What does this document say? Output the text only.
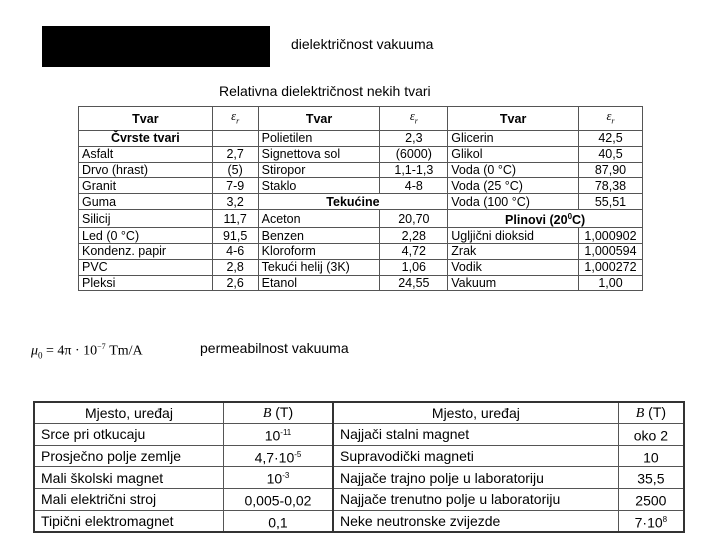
dielektričnost vakuuma
Relativna dielektričnost nekih tvari
Tvar	$\varepsilon_r$	Tvar	$\varepsilon_r$	Tvar	$\varepsilon_r$
Čvrste tvari		Polietilen	2,3	Glicerin	42,5
Asfalt	2,7	Signettova sol	(6000)	Glikol	40,5
Drvo (hrast)	(5)	Stiropor	1,1-1,3	Voda (0 °C)	87,90
Granit	7-9	Staklo	4-8	Voda (25 °C)	78,38
Guma	3,2	Tekućine		Voda (100 °C)	55,51
Silicij	11,7	Aceton	20,70	Plinovi $(20^0C)$	
Led (0 °C)	91,5	Benzen	2,28	Ugljični dioksid	1,000902
Kondenz. papir	4-6	Kloroform	4,72	Zrak	1,000594
PVC	2,8	Tekući helij (3K)	1,06	Vodik	1,000272
Pleksi	2,6	Etanol	24,55	Vakuum	1,00
$\mu_0 = 4\pi \cdot 10^{-7}$ Tm/A	permeabilnost vakuuma
Mjesto, uređaj	B (T)	Mjesto, uređaj	B (T)
Srce pri otkucaju	$10^{-11}$	Najjači stalni magnet	oko 2
Prosječno polje zemlje	$4,7\cdot 10^{-5}$	Supravodički magneti	10
Mali školski magnet	$10^{-3}$	Najjače trajno polje u laboratoriju	35,5
Mali električni stroj	0,005-0,02	Najjače trenutno polje u laboratoriju	2500
Tipični elektromagnet	0,1	Neke neutronske zvijezde	$7\cdot 10^8$
